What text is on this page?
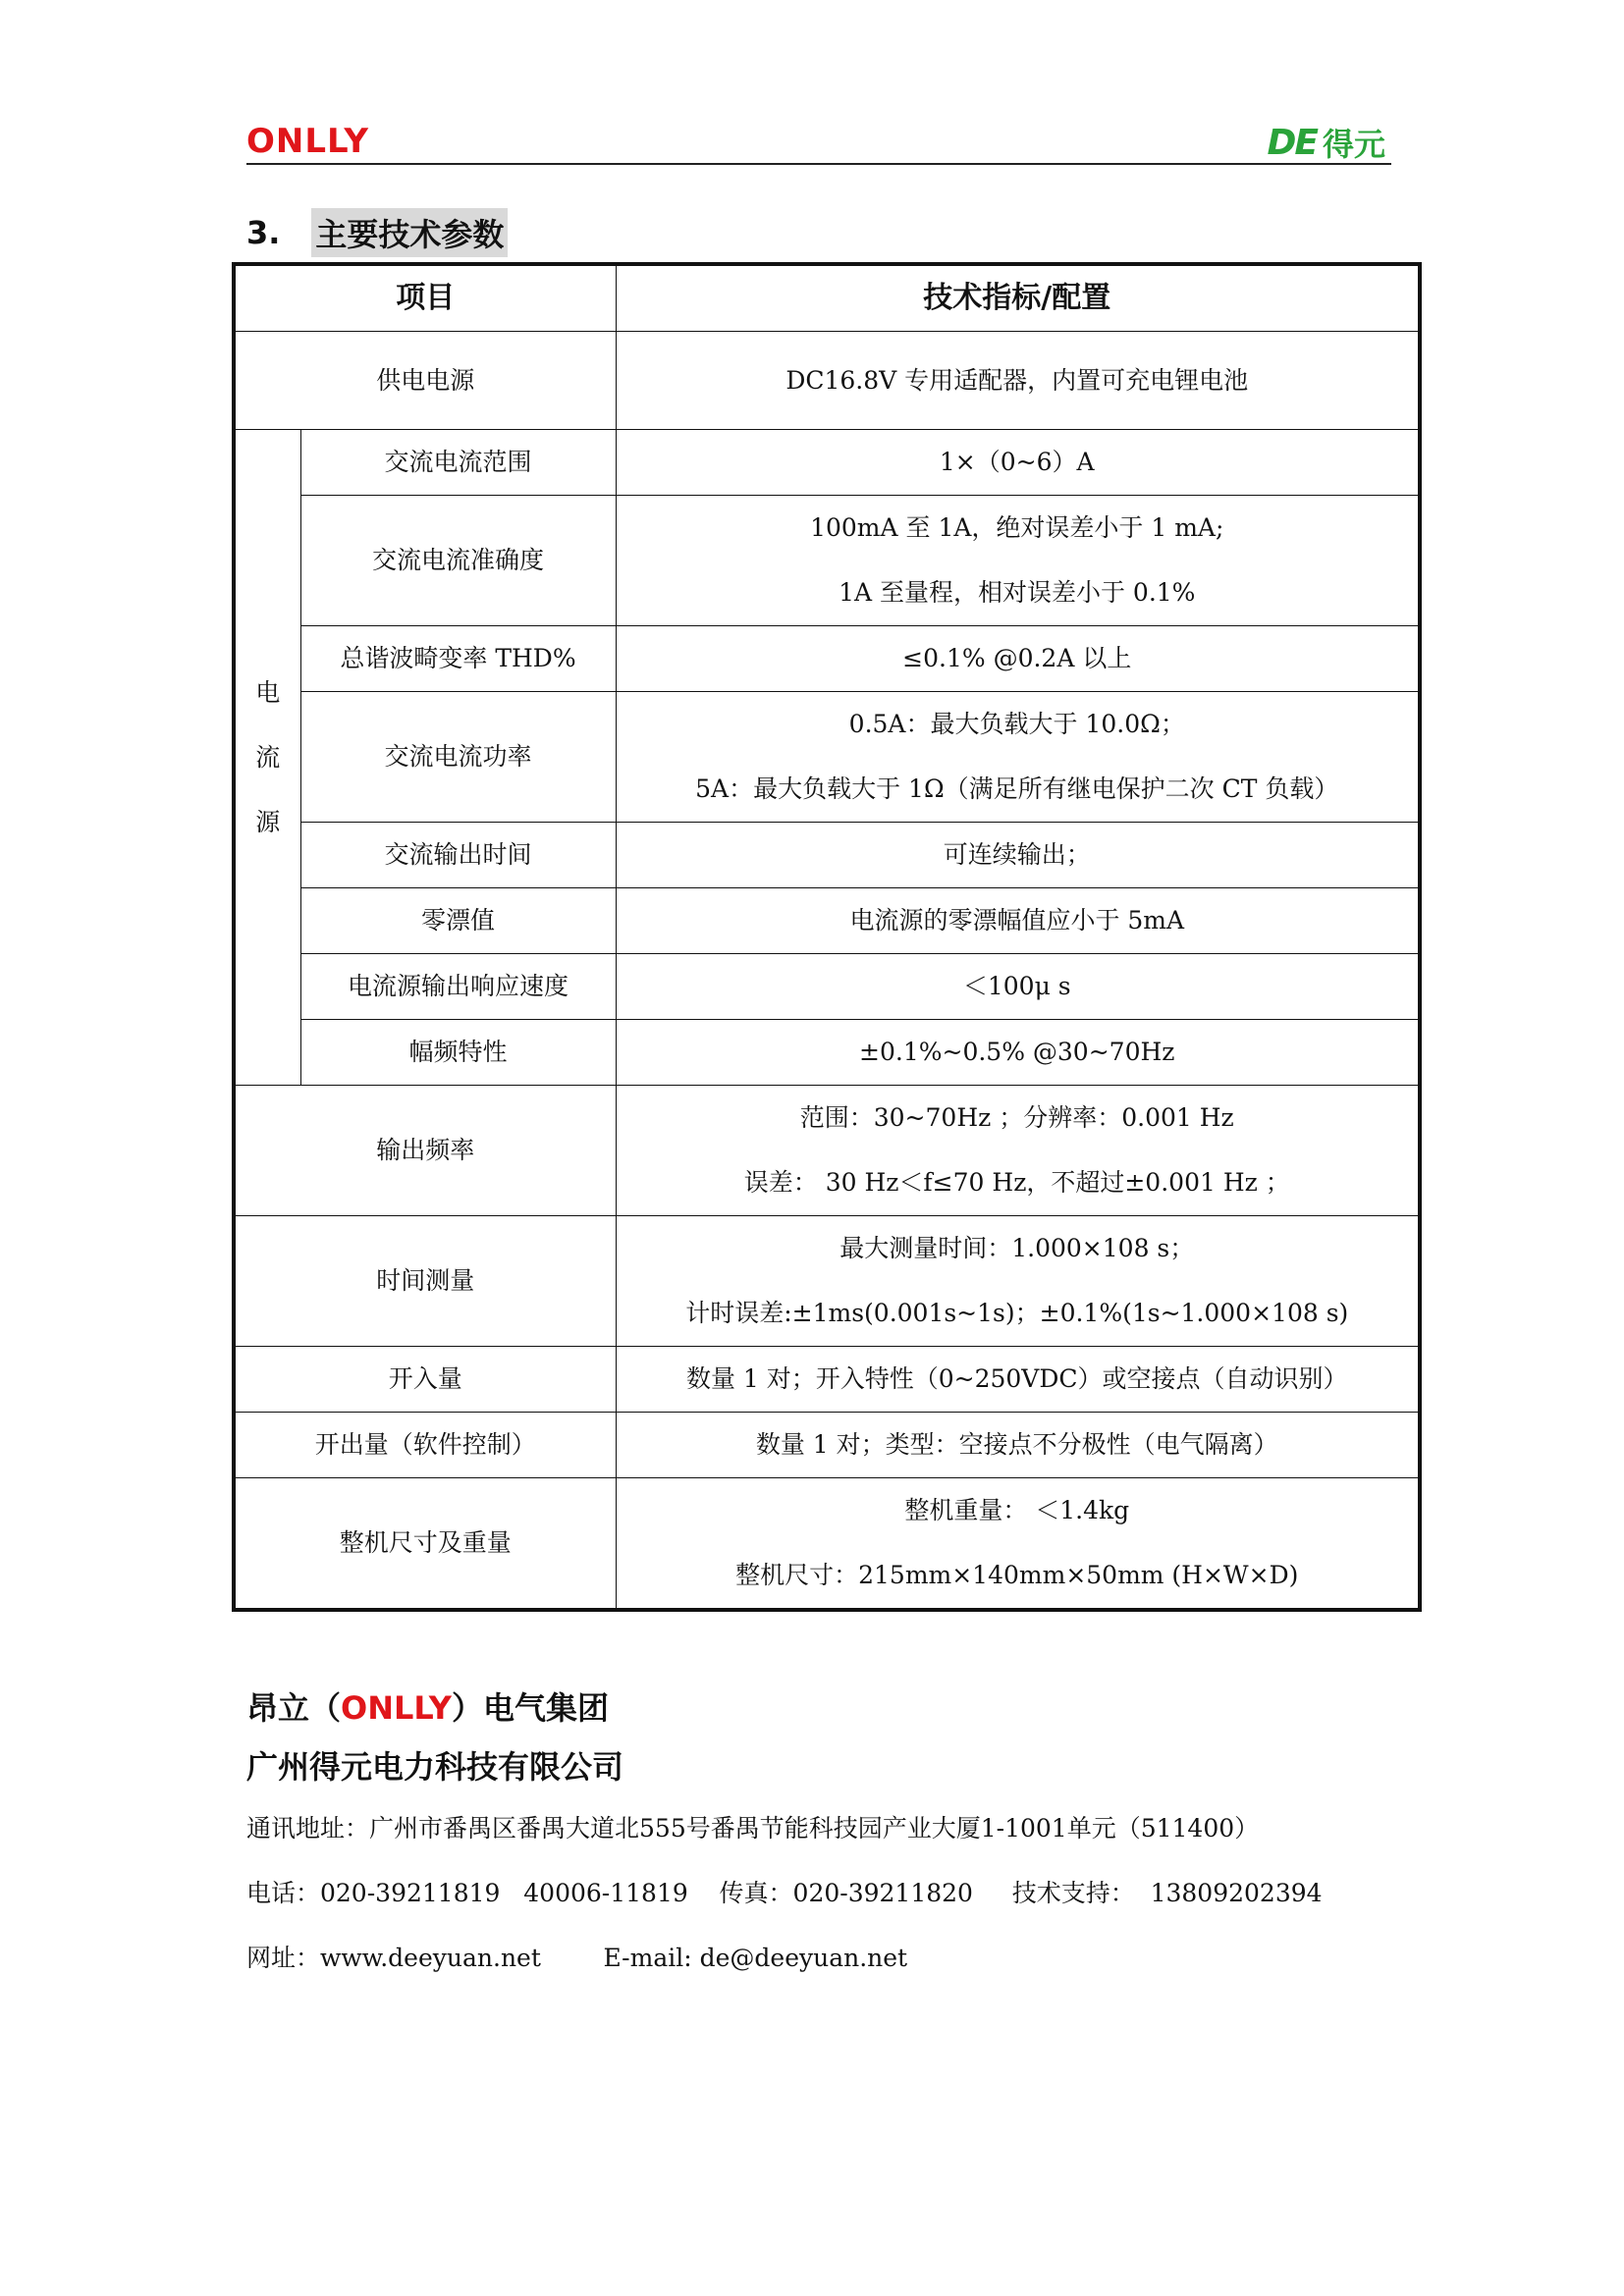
ONLLY	DE 得元
3. 主要技术参数
项目		技术指标/配置
供电电源		DC16.8V 专用适配器，内置可充电锂电池

电
流
源	交流电流范围	1×（0~6）A
	交流电流准确度	100mA 至 1A，绝对误差小于 1 mA;
1A 至量程，相对误差小于 0.1%

	总谐波畸变率 THD%	≤0.1% @0.2A 以上
	交流电流功率	0.5A：最大负载大于 10.0Ω；
5A：最大负载大于 1Ω（满足所有继电保护二次 CT 负载）

	交流输出时间	可连续输出；
	零漂值	电流源的零漂幅值应小于 5mA
	电流源输出响应速度	＜100μ s
	幅频特性	±0.1%~0.5% @30~70Hz
输出频率		范围：30~70Hz ；分辨率：0.001 Hz
误差： 30 Hz＜f≤70 Hz，不超过±0.001 Hz ；

时间测量		最大测量时间：1.000×108 s；
计时误差:±1ms(0.001s~1s)；±0.1%(1s~1.000×108 s)

开入量		数量 1 对；开入特性（0~250VDC）或空接点（自动识别）
开出量（软件控制）		数量 1 对；类型：空接点不分极性（电气隔离）
整机尺寸及重量		整机重量： ＜1.4kg
整机尺寸：215mm×140mm×50mm (H×W×D)
昂立（ONLLY）电气集团
广州得元电力科技有限公司
通讯地址：广州市番禺区番禺大道北555号番禺节能科技园产业大厦1-1001单元（511400）
电话：020-39211819   40006-11819    传真：020-39211820     技术支持：  13809202394
网址：www.deeyuan.net        E-mail: de@deeyuan.net
